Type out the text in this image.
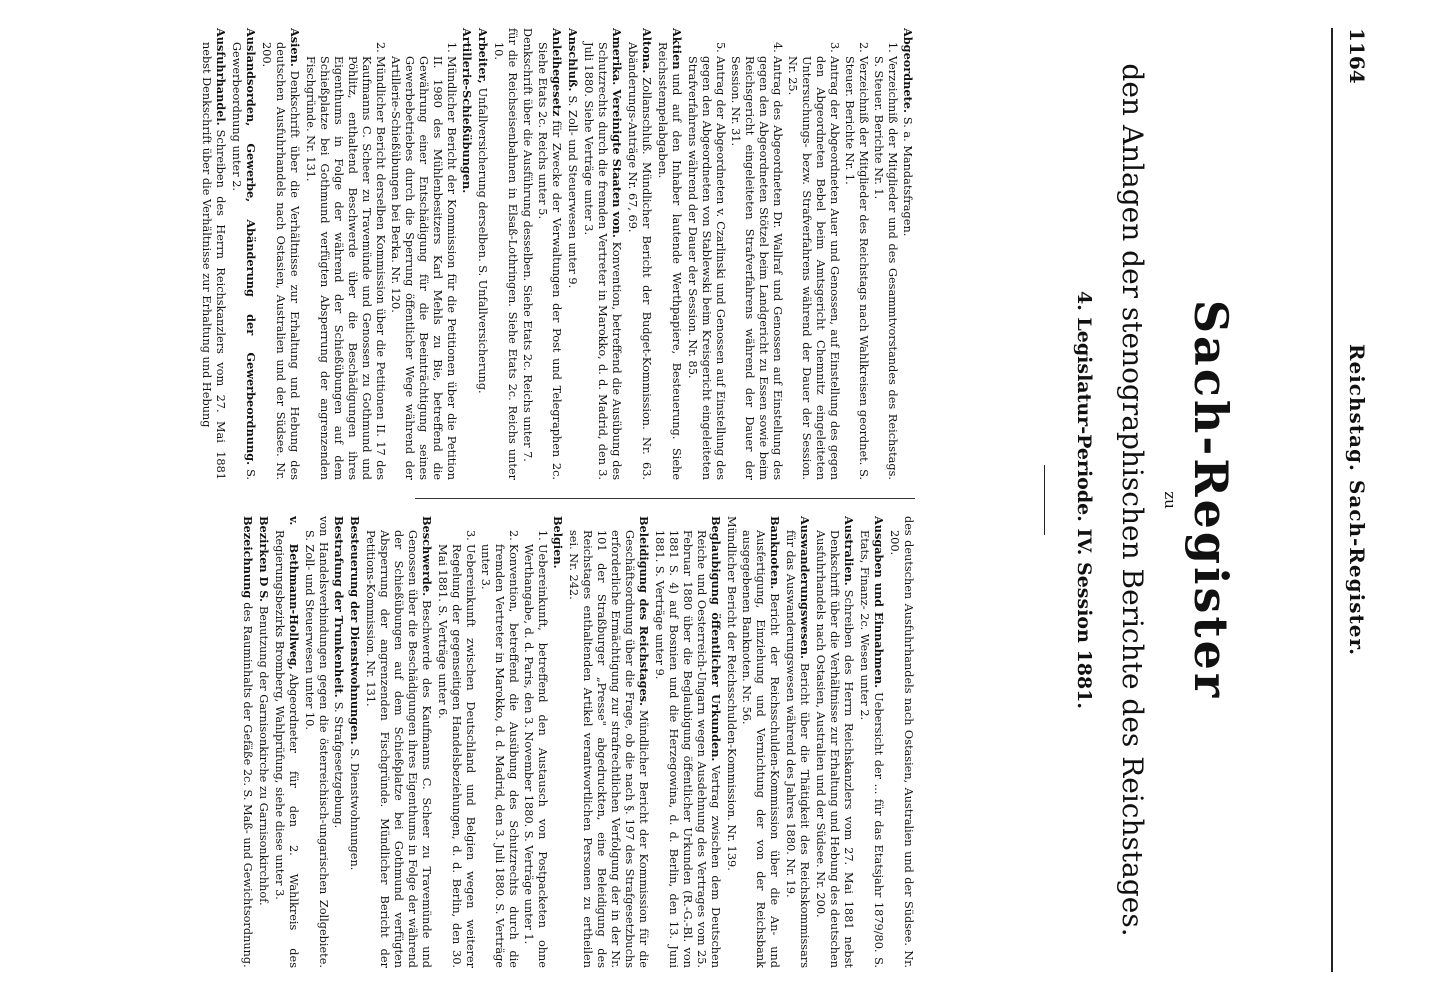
1164
Reichstag. Sach-Register.
Sach-Register
zu
den Anlagen der stenographischen Berichte des Reichstages.
4. Legislatur-Periode. IV. Session 1881.
Abgeordnete.S. a. Mandatsfragen.
1.Verzeichniß der Mitglieder und des Gesammtvorstandes des Reichstags. S. Steuer. Berichte Nr. 1.
2.Verzeichniß der Mitglieder des Reichstags nach Wahlkreisen geordnet. S. Steuer. Berichte Nr. 1.
3.Antrag der Abgeordneten Auer und Genossen, auf Einstellung des gegen den Abgeordneten Bebel beim Amtsgericht Chemnitz eingeleiteten Untersuchungs- bezw. Strafverfahrens während der Dauer der Session. Nr. 25.
4.Antrag des Abgeordneten Dr. Wallraf und Genossen auf Einstellung des gegen den Abgeordneten Stötzel beim Landgericht zu Essen sowie beim Reichsgericht eingeleiteten Strafverfahrens während der Dauer der Session. Nr. 31.
5.Antrag der Abgeordneten v. Czarlinski und Genossen auf Einstellung des gegen den Abgeordneten von Stablewski beim Kreisgericht eingeleiteten Strafverfahrens während der Dauer der Session. Nr. 85.
Aktienund auf den Inhaber lautende Werthpapiere, Besteuerung. Siehe Reichsstempelabgaben.
Altona.Zollanschluß. Mündlicher Bericht der Budget-Kommission. Nr. 63. Abänderungs-Anträge Nr. 67, 69.
Amerika. Vereinigte Staaten von.Konvention, betreffend die Ausübung des Schutzrechts durch die fremden Vertreter in Marokko, d. d. Madrid, den 3. Juli 1880. Siehe Verträge unter 3.
Anschluß.S. Zoll- und Steuerwesen unter 9.
Anleihegesetzfür Zwecke der Verwaltungen der Post und Telegraphen 2c. Siehe Etats 2c. Reichs unter 5.
Denkschrift über die Ausführung desselben. Siehe Etats 2c. Reichs unter 7.
für die Reichseisenbahnen in Elsaß-Lothringen. Siehe Etats 2c. Reichs unter 10.
Arbeiter,Unfallversicherung derselben. S. Unfallversicherung.
Artillerie-Schießübungen.
1.Mündlicher Bericht der Kommission für die Petitionen über die Petition II. 1980 des Mühlenbesitzers Karl Mehls zu Bie, betreffend die Gewährung einer Entschädigung für die Beeinträchtigung seines Gewerbebetriebes durch die Sperrung öffentlicher Wege während der Artillerie-Schießübungen bei Berka. Nr. 120.
2.Mündlicher Bericht derselben Kommission über die Petitionen II. 17 des Kaufmanns C. Scheer zu Travemünde und Genossen zu Gothmund und Pöhlitz, enthaltend Beschwerde über die Beschädigungen ihres Eigenthums in Folge der während der Schießübungen auf dem Schießplatze bei Gothmund verfügten Absperrung der angrenzenden Fischgründe. Nr. 131.
Asien.Denkschrift über die Verhältnisse zur Erhaltung und Hebung des deutschen Ausfuhrhandels nach Ostasien, Australien und der Südsee. Nr. 200.
Auslandsorden, Gewerbe, Abänderung der Gewerbeordnung.S. Gewerbeordnung unter 2.
Ausfuhrhandel.Schreiben des Herrn Reichskanzlers vom 27. Mai 1881 nebst Denkschrift über die Verhältnisse zur Erhaltung und Hebung
des deutschen Ausfuhrhandels nach Ostasien, Australien und der Südsee. Nr. 200.
Ausgaben und Einnahmen.Uebersicht der ... für das Etatsjahr 1879/80. S. Etats, Finanz- 2c. Wesen unter 2.
Australien.Schreiben des Herrn Reichskanzlers vom 27. Mai 1881 nebst Denkschrift über die Verhältnisse zur Erhaltung und Hebung des deutschen Ausfuhrhandels nach Ostasien, Australien und der Südsee. Nr. 200.
Auswanderungswesen.Bericht über die Thätigkeit des Reichskommissars für das Auswanderungswesen während des Jahres 1880. Nr. 19.
Banknoten.Bericht der Reichsschulden-Kommission über die An- und Ausfertigung, Einziehung und Vernichtung der von der Reichsbank ausgegebenen Banknoten. Nr. 56.
Mündlicher Bericht der Reichsschulden-Kommission. Nr. 139.
Beglaubigung öffentlicher Urkunden.Vertrag zwischen dem Deutschen Reiche und Oesterreich-Ungarn wegen Ausdehnung des Vertrages vom 25. Februar 1880 über die Beglaubigung öffentlicher Urkunden (R.-G.-Bl. von 1881 S. 4) auf Bosnien und die Herzegowina, d. d. Berlin, den 13. Juni 1881. S. Verträge unter 9.
Beleidigung des Reichstages.Mündlicher Bericht der Kommission für die Geschäftsordnung über die Frage, ob die nach §. 197 des Strafgesetzbuchs erforderliche Ermächtigung zur strafrechtlichen Verfolgung der in der Nr. 101 der Straßburger „Presse" abgedruckten, eine Beleidigung des Reichstages enthaltenden Artikel verantwortlichen Personen zu ertheilen sei. Nr. 242.
Belgien.
1.Uebereinkunft, betreffend den Austausch von Postpacketen ohne Werthangabe, d. d. Paris, den 3. November 1880. S. Verträge unter 1.
2.Konvention, betreffend die Ausübung des Schutzrechts durch die fremden Vertreter in Marokko, d. d. Madrid, den 3. Juli 1880. S. Verträge unter 3.
3.Uebereinkunft zwischen Deutschland und Belgien wegen weiterer Regelung der gegenseitigen Handelsbeziehungen, d. d. Berlin, den 30. Mai 1881. S. Verträge unter 6.
Beschwerde.Beschwerde des Kaufmanns C. Scheer zu Travemünde und Genossen über die Beschädigungen ihres Eigenthums in Folge der während der Schießübungen auf dem Schießplatze bei Gothmund verfügten Absperrung der angrenzenden Fischgründe. Mündlicher Bericht der Petitions-Kommission. Nr. 131.
Besteuerung der Dienstwohnungen.S. Dienstwohnungen.
Bestrafung der Trunkenheit.S. Strafgesetzgebung.
von Handelsverbindungen gegen die österreichisch-ungarischen Zollgebiete. S. Zoll- und Steuerwesen unter 10.
v. Bethmann-Hollweg,Abgeordneter für den 2. Wahlkreis des Regierungsbezirks Bromberg, Wahlprüfung, siehe diese unter 3.
Bezirken D S.Benutzung der Garnisonkirche zu Garnisonkirchhof.
Bezeichnungdes Rauminhalts der Gefäße 2c. S. Maß- und Gewichtsordnung.
